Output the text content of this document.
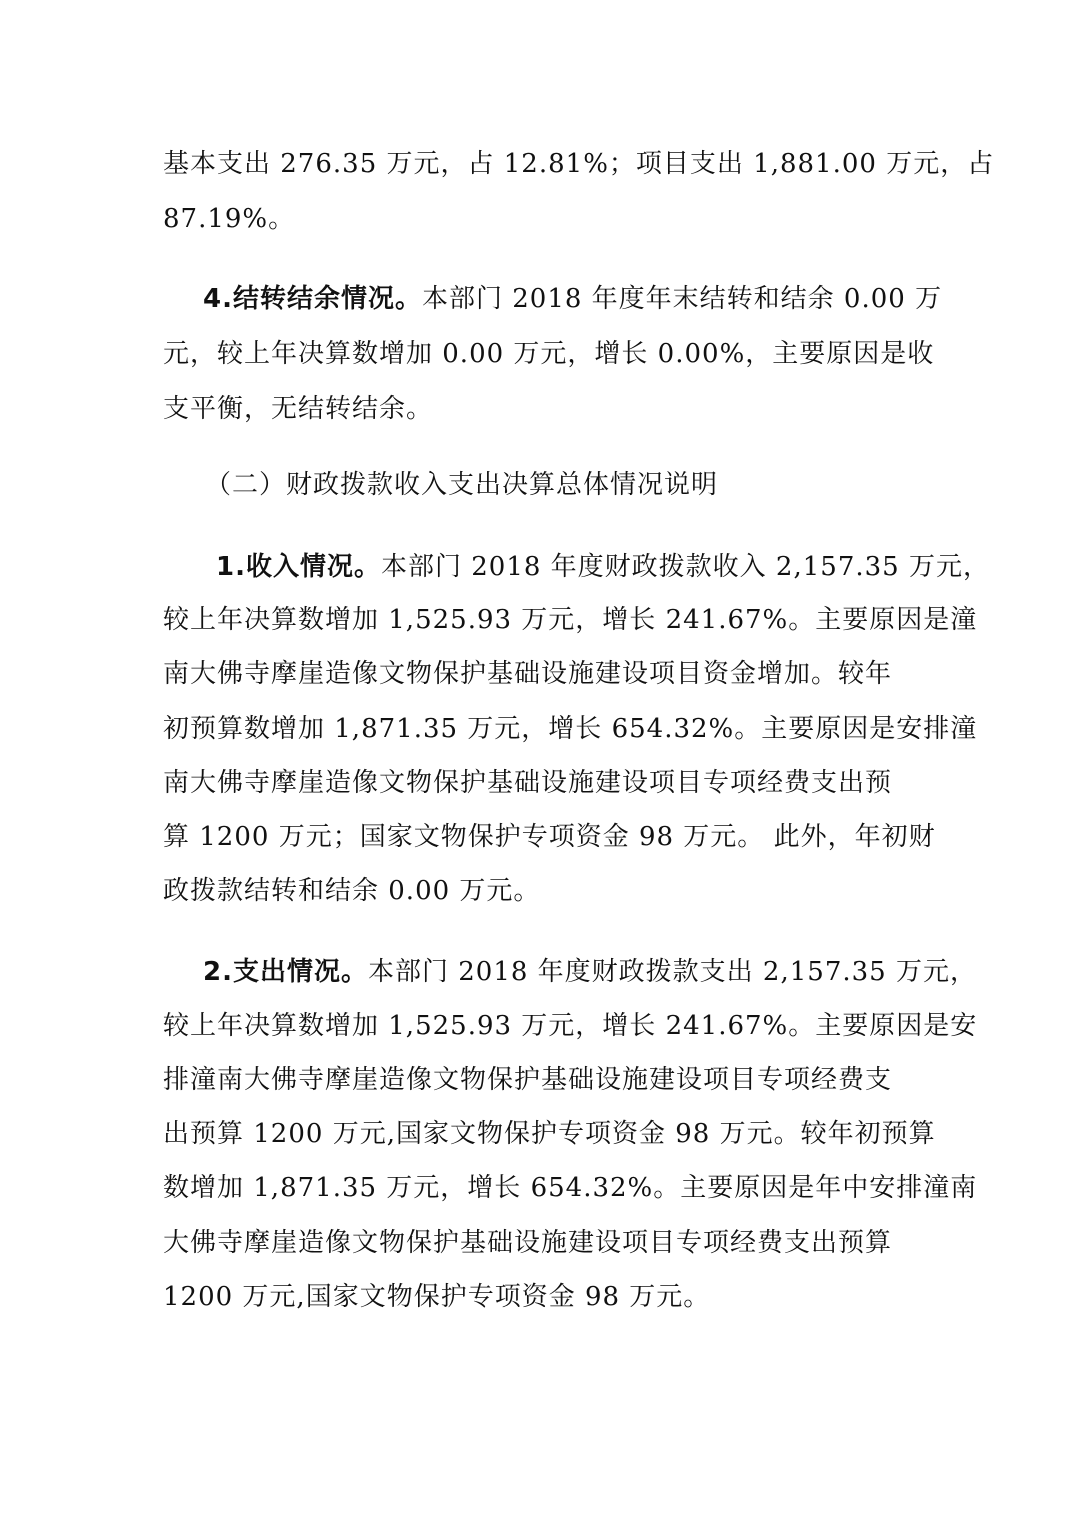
基本支出 276.35 万元，占 12.81%；项目支出 1,881.00 万元，占
87.19%。
4.结转结余情况。本部门 2018 年度年末结转和结余 0.00 万
元，较上年决算数增加 0.00 万元，增长 0.00%，主要原因是收
支平衡，无结转结余。
（二）财政拨款收入支出决算总体情况说明
1.收入情况。本部门 2018 年度财政拨款收入 2,157.35 万元，
较上年决算数增加 1,525.93 万元，增长 241.67%。主要原因是潼
南大佛寺摩崖造像文物保护基础设施建设项目资金增加。较年
初预算数增加 1,871.35 万元，增长 654.32%。主要原因是安排潼
南大佛寺摩崖造像文物保护基础设施建设项目专项经费支出预
算 1200 万元；国家文物保护专项资金 98 万元。 此外，年初财
政拨款结转和结余 0.00 万元。
2.支出情况。本部门 2018 年度财政拨款支出 2,157.35 万元，
较上年决算数增加 1,525.93 万元，增长 241.67%。主要原因是安
排潼南大佛寺摩崖造像文物保护基础设施建设项目专项经费支
出预算 1200 万元,国家文物保护专项资金 98 万元。较年初预算
数增加 1,871.35 万元，增长 654.32%。主要原因是年中安排潼南
大佛寺摩崖造像文物保护基础设施建设项目专项经费支出预算
1200 万元,国家文物保护专项资金 98 万元。
